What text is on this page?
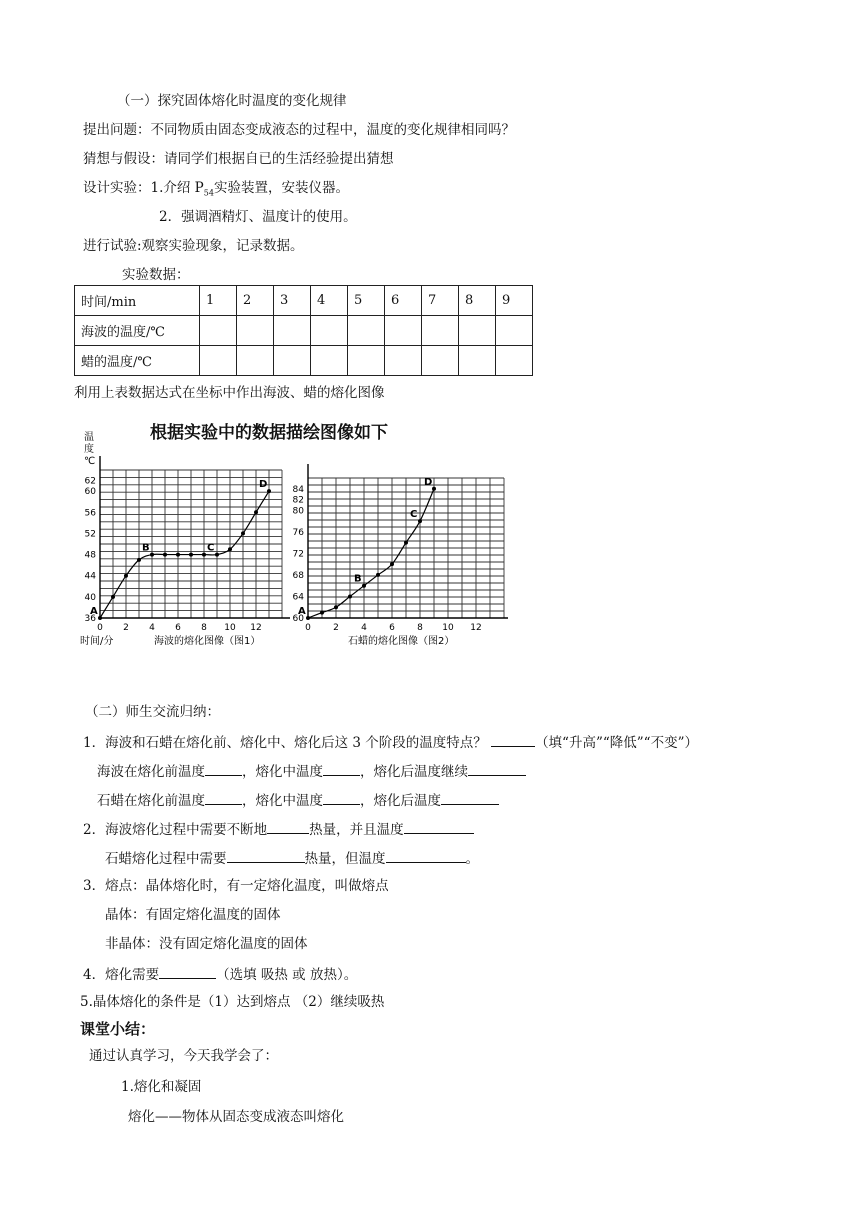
（一）探究固体熔化时温度的变化规律
提出问题：不同物质由固态变成液态的过程中，温度的变化规律相同吗？
猜想与假设：请同学们根据自已的生活经验提出猜想
设计实验：1.介绍 $P_{54}$实验装置，安装仪器。
2．强调酒精灯、温度计的使用。
进行试验:观察实验现象，记录数据。
实验数据：
时间/min	1	2	3	4	5	6	7	8	9
海波的温度/℃									
蜡的温度/℃									
利用上表数据达式在坐标中作出海波、蜡的熔化图像
根据实验中的数据描绘图像如下
0 2 4 6 8 10 12
36
40
44
48
52
56
60
62
A
B	C
D
温
度
℃
时间/分	海波的熔化图像（图1）
0 2 4 6 8 10 12
60
64
68
72
76
80
82
84
A
B
C
D
石蜡的熔化图像（图2）
（二）师生交流归纳：
1．海波和石蜡在熔化前、熔化中、熔化后这 3 个阶段的温度特点？	（填“升高”“降低”“不变”）
海波在熔化前温度	，熔化中温度	，熔化后温度继续
石蜡在熔化前温度	，熔化中温度	，熔化后温度
2．海波熔化过程中需要不断地	热量，并且温度
石蜡熔化过程中需要	热量，但温度	。
3．熔点：晶体熔化时，有一定熔化温度，叫做熔点
晶体：有固定熔化温度的固体
非晶体：没有固定熔化温度的固体
4．熔化需要	（选填 吸热 或 放热）。
5.晶体熔化的条件是（1）达到熔点 （2）继续吸热
课堂小结：
通过认真学习，今天我学会了：
1.熔化和凝固
熔化——物体从固态变成液态叫熔化
